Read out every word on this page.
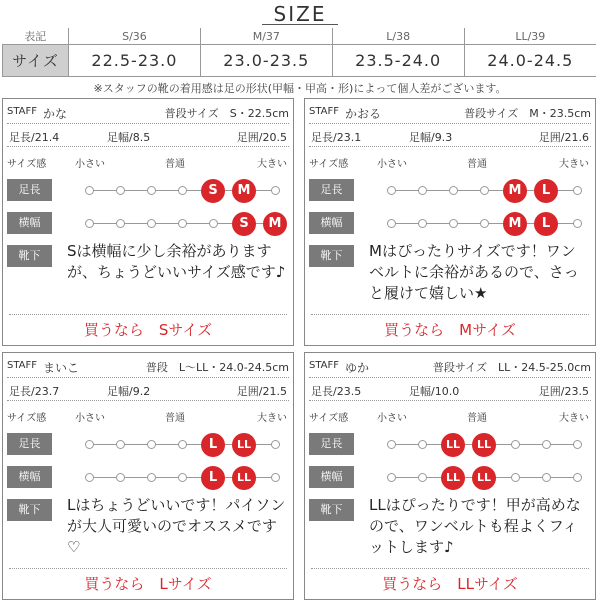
SIZE
表記	S/36	M/37	L/38	LL/39
サイズ	22.5-23.0	23.0-23.5	23.5-24.0	24.0-24.5
※スタッフの靴の着用感は足の形状(甲幅・甲高・形)によって個人差がございます。
STAFF かな	普段サイズ　S・22.5cm
足長/21.4	足幅/8.5	足囲/20.5
サイズ感	小さい	普通	大きい
足長	S	M
横幅	S	M
靴下	Sは横幅に少し余裕がありますが、ちょうどいいサイズ感です♪
買うなら　Sサイズ
STAFF かおる	普段サイズ　M・23.5cm
足長/23.1	足幅/9.3	足囲/21.6
サイズ感	小さい	普通	大きい
足長	M	L
横幅	M	L
靴下	Mはぴったりサイズです！ワンベルトに余裕があるので、さっと履けて嬉しい★
買うなら　Mサイズ
STAFF まいこ	普段　L〜LL・24.0-24.5cm
足長/23.7	足幅/9.2	足囲/21.5
サイズ感	小さい	普通	大きい
足長	L	LL
横幅	L	LL
靴下	Lはちょうどいいです！パイソンが大人可愛いのでオススメです♡
買うなら　Lサイズ
STAFF ゆか	普段サイズ　LL・24.5-25.0cm
足長/23.5	足幅/10.0	足囲/23.5
サイズ感	小さい	普通	大きい
足長	LL	LL
横幅	LL	LL
靴下	LLはぴったりです！甲が高めなので、ワンベルトも程よくフィットします♪
買うなら　LLサイズ
